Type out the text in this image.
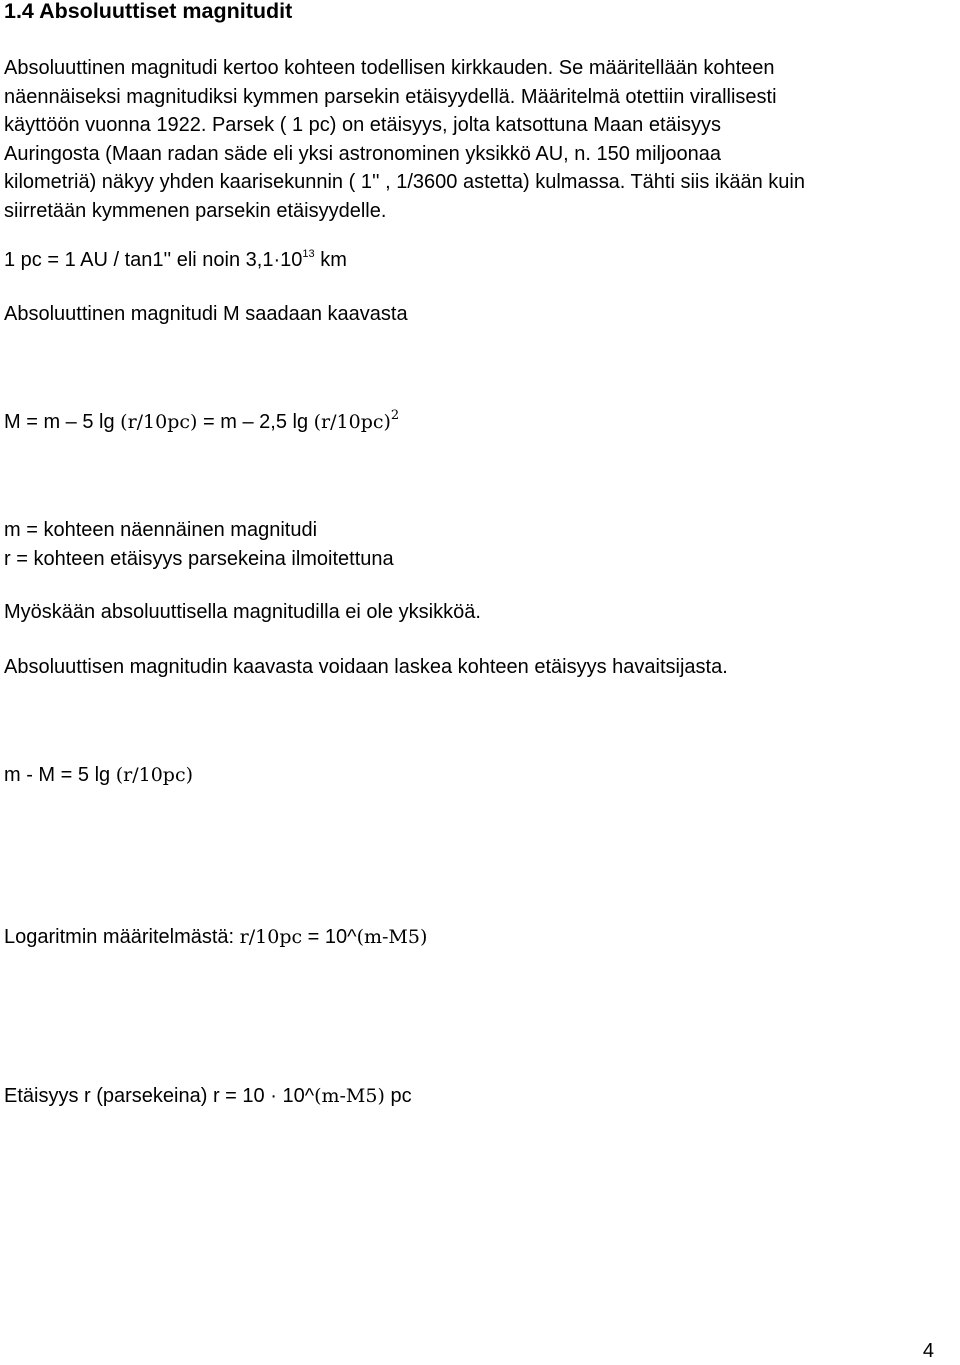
1.4 Absoluuttiset magnitudit

Absoluuttinen magnitudi kertoo kohteen todellisen kirkkauden. Se määritellään kohteen
näennäiseksi magnitudiksi kymmen parsekin etäisyydellä. Määritelmä otettiin virallisesti
käyttöön vuonna 1922. Parsek ( 1 pc) on etäisyys, jolta katsottuna Maan etäisyys
Auringosta (Maan radan säde eli yksi astronominen yksikkö AU, n. 150 miljoonaa
kilometriä) näkyy yhden kaarisekunnin ( 1'' , 1/3600 astetta) kulmassa. Tähti siis ikään kuin
siirretään kymmenen parsekin etäisyydelle.

1 pc = 1 AU / tan1'' eli noin $3,1\cdot 10^{13}$ km

Absoluuttinen magnitudi M saadaan kaavasta

M = m – 5 lg (r/10pc) = m – 2,5 $\lg (r/10pc)^2$

m = kohteen näennäinen magnitudi
r = kohteen etäisyys parsekeina ilmoitettuna

Myöskään absoluuttisella magnitudilla ei ole yksikköä.

Absoluuttisen magnitudin kaavasta voidaan laskea kohteen etäisyys havaitsijasta.

m - M = 5 lg (r/10pc)

Logaritmin määritelmästä: r/10pc = 10^(m-M5)

Etäisyys r (parsekeina) r = 10 · 10^(m-M5) pc

4
